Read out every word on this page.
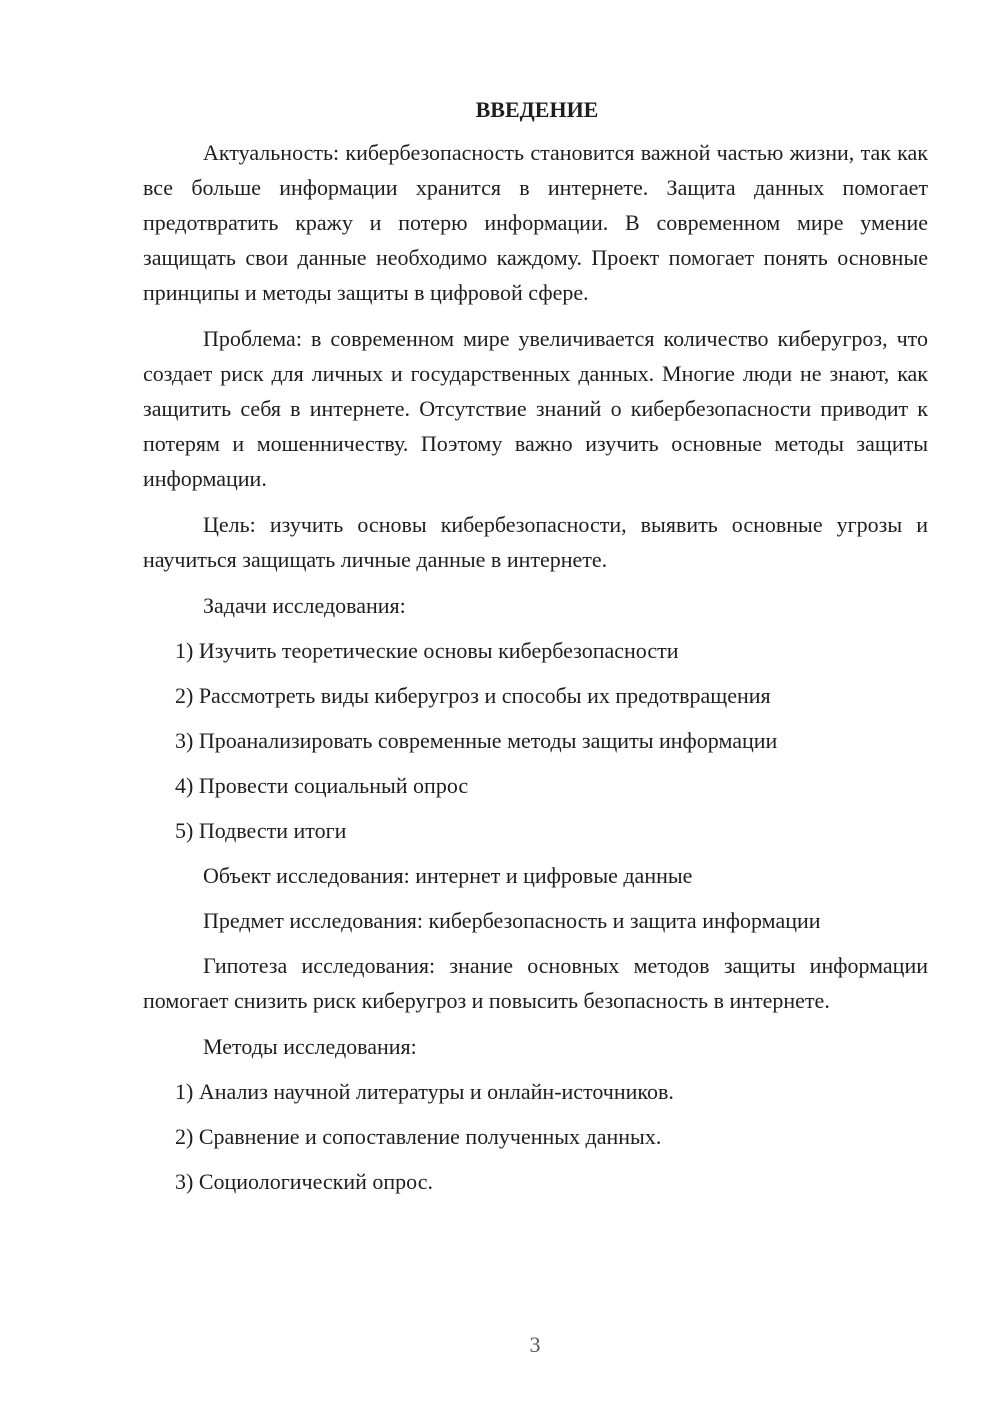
ВВЕДЕНИЕ

Актуальность: кибербезопасность становится важной частью жизни, так как все больше информации хранится в интернете. Защита данных помогает предотвратить кражу и потерю информации. В современном мире умение защищать свои данные необходимо каждому. Проект помогает понять основные принципы и методы защиты в цифровой сфере.

Проблема: в современном мире увеличивается количество киберугроз, что создает риск для личных и государственных данных. Многие люди не знают, как защитить себя в интернете. Отсутствие знаний о кибербезопасности приводит к потерям и мошенничеству. Поэтому важно изучить основные методы защиты информации.

Цель: изучить основы кибербезопасности, выявить основные угрозы и научиться защищать личные данные в интернете.

Задачи исследования:

1) Изучить теоретические основы кибербезопасности
2) Рассмотреть виды киберугроз и способы их предотвращения
3) Проанализировать современные методы защиты информации
4) Провести социальный опрос
5) Подвести итоги

Объект исследования: интернет и цифровые данные

Предмет исследования: кибербезопасность и защита информации

Гипотеза исследования: знание основных методов защиты информации помогает снизить риск киберугроз и повысить безопасность в интернете.

Методы исследования:

1) Анализ научной литературы и онлайн-источников.
2) Сравнение и сопоставление полученных данных.
3) Социологический опрос.
3
